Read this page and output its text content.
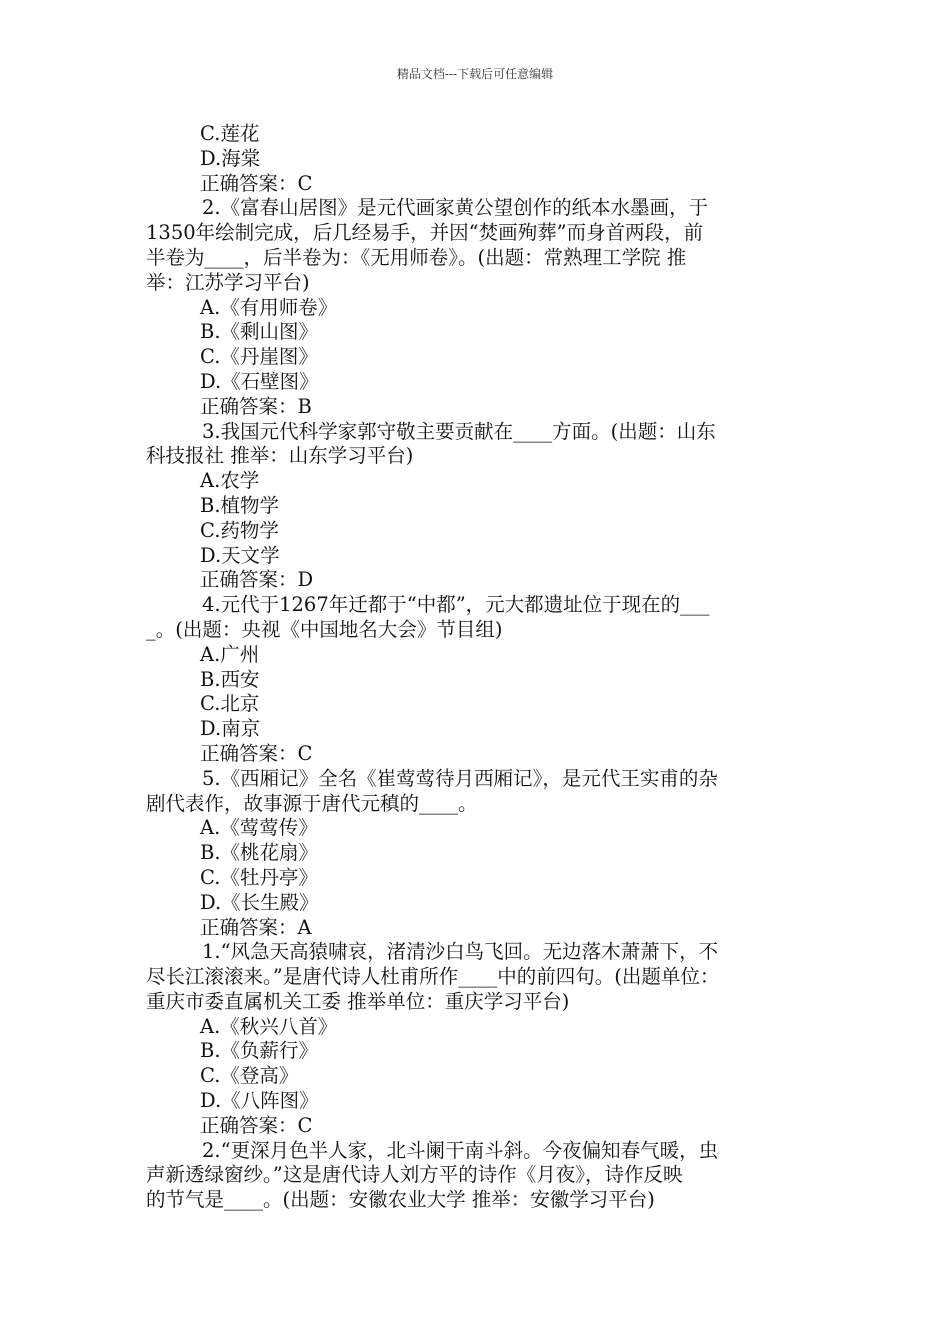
精品文档---下载后可任意编辑
C.莲花
D.海棠
正确答案：C
2.《富春山居图》是元代画家黄公望创作的纸本水墨画，于
1350年绘制完成，后几经易手，并因“焚画殉葬”而身首两段，前
半卷为____，后半卷为：《无用师卷》。(出题：常熟理工学院 推
举：江苏学习平台)
A.《有用师卷》
B.《剩山图》
C.《丹崖图》
D.《石壁图》
正确答案：B
3.我国元代科学家郭守敬主要贡献在____方面。(出题：山东
科技报社 推举：山东学习平台)
A.农学
B.植物学
C.药物学
D.天文学
正确答案：D
4.元代于1267年迁都于“中都”，元大都遗址位于现在的___
_。(出题：央视《中国地名大会》节目组)
A.广州
B.西安
C.北京
D.南京
正确答案：C
5.《西厢记》全名《崔莺莺待月西厢记》，是元代王实甫的杂
剧代表作，故事源于唐代元稹的____。
A.《莺莺传》
B.《桃花扇》
C.《牡丹亭》
D.《长生殿》
正确答案：A
1.“风急天高猿啸哀，渚清沙白鸟飞回。无边落木萧萧下，不
尽长江滚滚来。”是唐代诗人杜甫所作____中的前四句。(出题单位：
重庆市委直属机关工委 推举单位：重庆学习平台)
A.《秋兴八首》
B.《负薪行》
C.《登高》
D.《八阵图》
正确答案：C
2.“更深月色半人家，北斗阑干南斗斜。今夜偏知春气暖，虫
声新透绿窗纱。”这是唐代诗人刘方平的诗作《月夜》，诗作反映
的节气是____。(出题：安徽农业大学 推举：安徽学习平台)
